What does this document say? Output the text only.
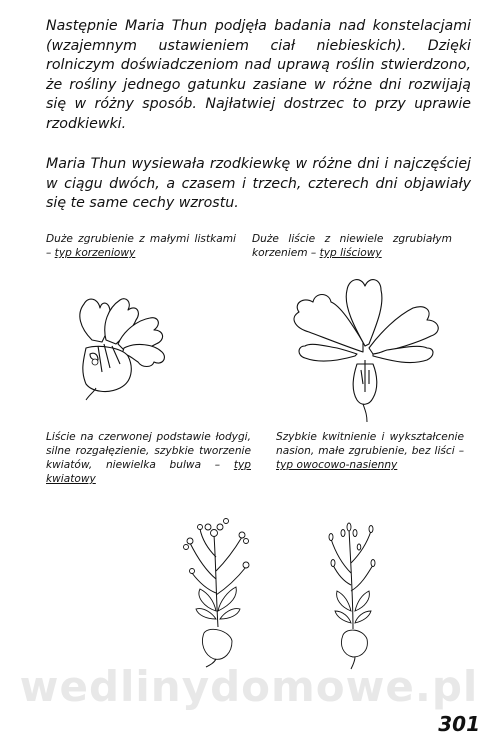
Następnie Maria Thun podjęła badania nad konstelacjami (wzajemnym ustawieniem ciał niebieskich). Dzięki rolniczym doświadczeniom nad uprawą roślin stwierdzono, że rośliny jednego gatunku zasiane w różne dni rozwijają się w różny sposób. Najłatwiej dostrzec to przy uprawie rzodkiewki.
Maria Thun wysiewała rzodkiewkę w różne dni i najczęściej w ciągu dwóch, a czasem i trzech, czterech dni objawiały się te same cechy wzrostu.
Duże zgrubienie z małymi listkami – typ korzeniowy
Duże liście z niewiele zgrubiałym korzeniem – typ liściowy
Liście na czerwonej podstawie łodygi, silne rozgałęzienie, szybkie tworzenie kwiatów, niewielka bulwa – typ kwiatowy
Szybkie kwitnienie i wykształcenie nasion, małe zgrubienie, bez liści – typ owocowo-nasienny
wedlinydomowe.pl
301
